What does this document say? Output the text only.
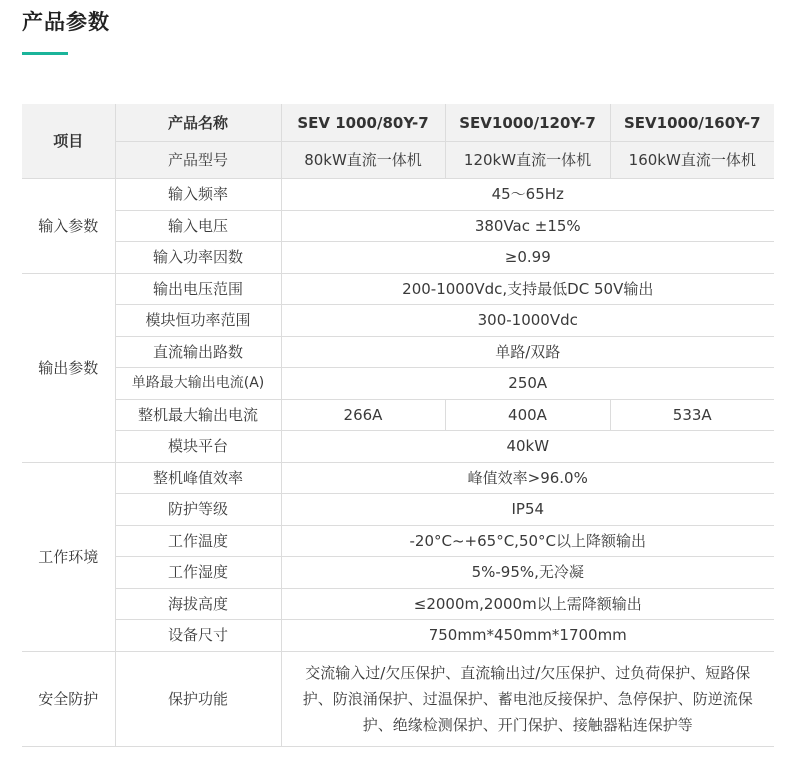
产品参数
项目	产品名称	SEV 1000/80Y-7	SEV1000/120Y-7	SEV1000/160Y-7
	产品型号	80kW直流一体机	120kW直流一体机	160kW直流一体机
输入参数	输入频率	45～65Hz		
	输入电压	380Vac ±15%		
	输入功率因数	≥0.99		
输出参数	输出电压范围	200-1000Vdc,支持最低DC 50V输出		
	模块恒功率范围	300-1000Vdc		
	直流输出路数	单路/双路		
	单路最大输出电流(A)	250A		
	整机最大输出电流	266A	400A	533A
	模块平台	40kW		
工作环境	整机峰值效率	峰值效率>96.0%		
	防护等级	IP54		
	工作温度	-20°C~+65°C,50°C以上降额输出		
	工作湿度	5%-95%,无冷凝		
	海拔高度	≤2000m,2000m以上需降额输出		
	设备尺寸	750mm*450mm*1700mm		
安全防护	保护功能	交流输入过/欠压保护、直流输出过/欠压保护、过负荷保护、短路保护、防浪涌保护、过温保护、蓄电池反接保护、急停保护、防逆流保护、绝缘检测保护、开门保护、接触器粘连保护等		
